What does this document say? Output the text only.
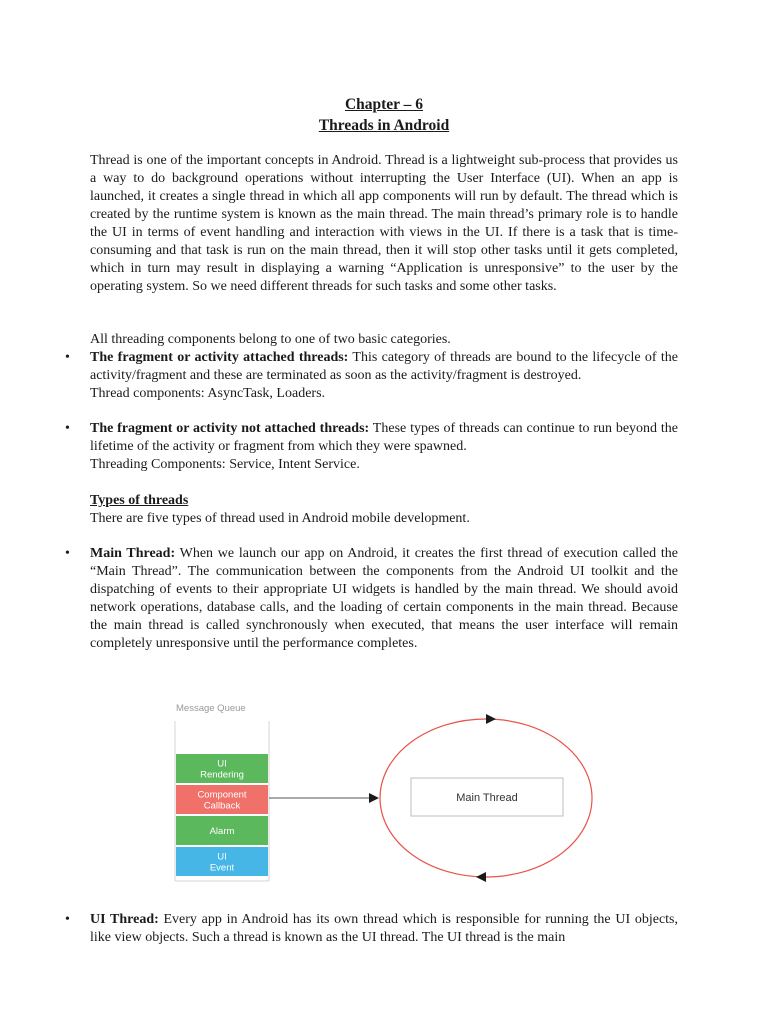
Chapter – 6
Threads in Android

Thread is one of the important concepts in Android. Thread is a lightweight sub-process that provides us a way to do background operations without interrupting the User Interface (UI). When an app is launched, it creates a single thread in which all app components will run by default. The thread which is created by the runtime system is known as the main thread. The main thread’s primary role is to handle the UI in terms of event handling and interaction with views in the UI. If there is a task that is time-consuming and that task is run on the main thread, then it will stop other tasks until it gets completed, which in turn may result in displaying a warning “Application is unresponsive” to the user by the operating system. So we need different threads for such tasks and some other tasks.

All threading components belong to one of two basic categories.

• The fragment or activity attached threads: This category of threads are bound to the lifecycle of the activity/fragment and these are terminated as soon as the activity/fragment is destroyed.
Thread components: AsyncTask, Loaders.
• The fragment or activity not attached threads: These types of threads can continue to run beyond the lifetime of the activity or fragment from which they were spawned.
Threading Components: Service, Intent Service.
Types of threads
There are five types of thread used in Android mobile development.
• Main Thread: When we launch our app on Android, it creates the first thread of execution called the “Main Thread”. The communication between the components from the Android UI toolkit and the dispatching of events to their appropriate UI widgets is handled by the main thread. We should avoid network operations, database calls, and the loading of certain components in the main thread. Because the main thread is called synchronously when executed, that means the user interface will remain completely unresponsive until the performance completes.
Message Queue
UI
Rendering
Component
Callback
Alarm
UI
Event
Main Thread
• UI Thread: Every app in Android has its own thread which is responsible for running the UI objects, like view objects. Such a thread is known as the UI thread. The UI thread is the main
